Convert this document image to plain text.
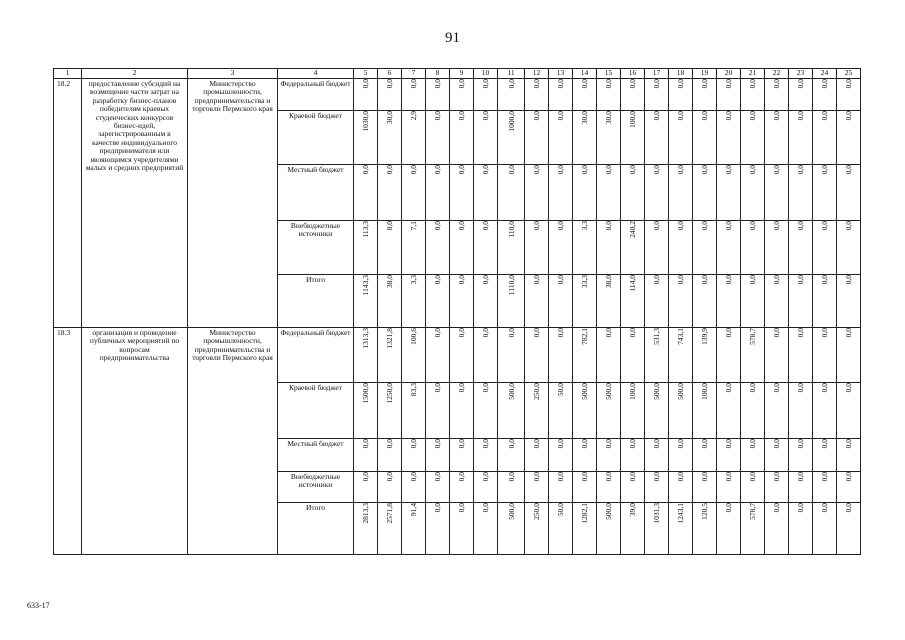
91
1	2	3	4	5	6	7	8	9	10	11	12	13	14	15	16	17	18	19	20	21	22	23	24	25
18.2	предоставление субсидий на возмещение части затрат на разработку бизнес-планов победителям краевых студенческих конкурсов бизнес-идей, зарегистрированным в качестве индивидуального предпринимателя или являющимся учредителями малых и средних предприятий	Министерство промышленности, предпринимательства и торговли Пермского края	Федеральный бюджет	0,0	0,0	0,0	0,0	0,0	0,0	0,0	0,0	0,0	0,0	0,0	0,0	0,0	0,0	0,0	0,0	0,0	0,0	0,0	0,0	0,0
			Краевой бюджет	1030,0	30,0	2,9	0,0	0,0	0,0	1000,0	0,0	0,0	30,0	30,0	100,0	0,0	0,0	0,0	0,0	0,0	0,0	0,0	0,0	0,0
			Местный бюджет	0,0	0,0	0,0	0,0	0,0	0,0	0,0	0,0	0,0	0,0	0,0	0,0	0,0	0,0	0,0	0,0	0,0	0,0	0,0	0,0	0,0
			Внебюджетные источники	113,3	8,0	7,1	0,0	0,0	0,0	110,0	0,0	0,0	3,3	8,0	240,2	0,0	0,0	0,0	0,0	0,0	0,0	0,0	0,0	0,0
			Итого	1143,3	38,0	3,3	0,0	0,0	0,0	1110,0	0,0	0,0	33,3	38,0	114,0	0,0	0,0	0,0	0,0	0,0	0,0	0,0	0,0	0,0
18.3	организация и проведение публичных мероприятий по вопросам предпринимательства	Министерство промышленности, предпринимательства и торговли Пермского края	Федеральный бюджет	1313,3	1321,8	100,6	0,0	0,0	0,0	0,0	0,0	0,0	782,1	0,0	0,0	531,3	743,1	139,9	0,0	578,7	0,0	0,0	0,0	0,0
			Краевой бюджет	1500,0	1250,0	83,3	0,0	0,0	0,0	500,0	250,0	50,0	500,0	500,0	100,0	500,0	500,0	100,0	0,0	0,0	0,0	0,0	0,0	0,0
			Местный бюджет	0,0	0,0	0,0	0,0	0,0	0,0	0,0	0,0	0,0	0,0	0,0	0,0	0,0	0,0	0,0	0,0	0,0	0,0	0,0	0,0	0,0
			Внебюджетные источники	0,0	0,0	0,0	0,0	0,0	0,0	0,0	0,0	0,0	0,0	0,0	0,0	0,0	0,0	0,0	0,0	0,0	0,0	0,0	0,0	0,0
			Итого	2813,3	2571,8	91,4	0,0	0,0	0,0	500,0	250,0	50,0	1282,1	500,0	39,0	1031,3	1243,1	120,5	0,0	578,7	0,0	0,0	0,0	0,0
633-17
